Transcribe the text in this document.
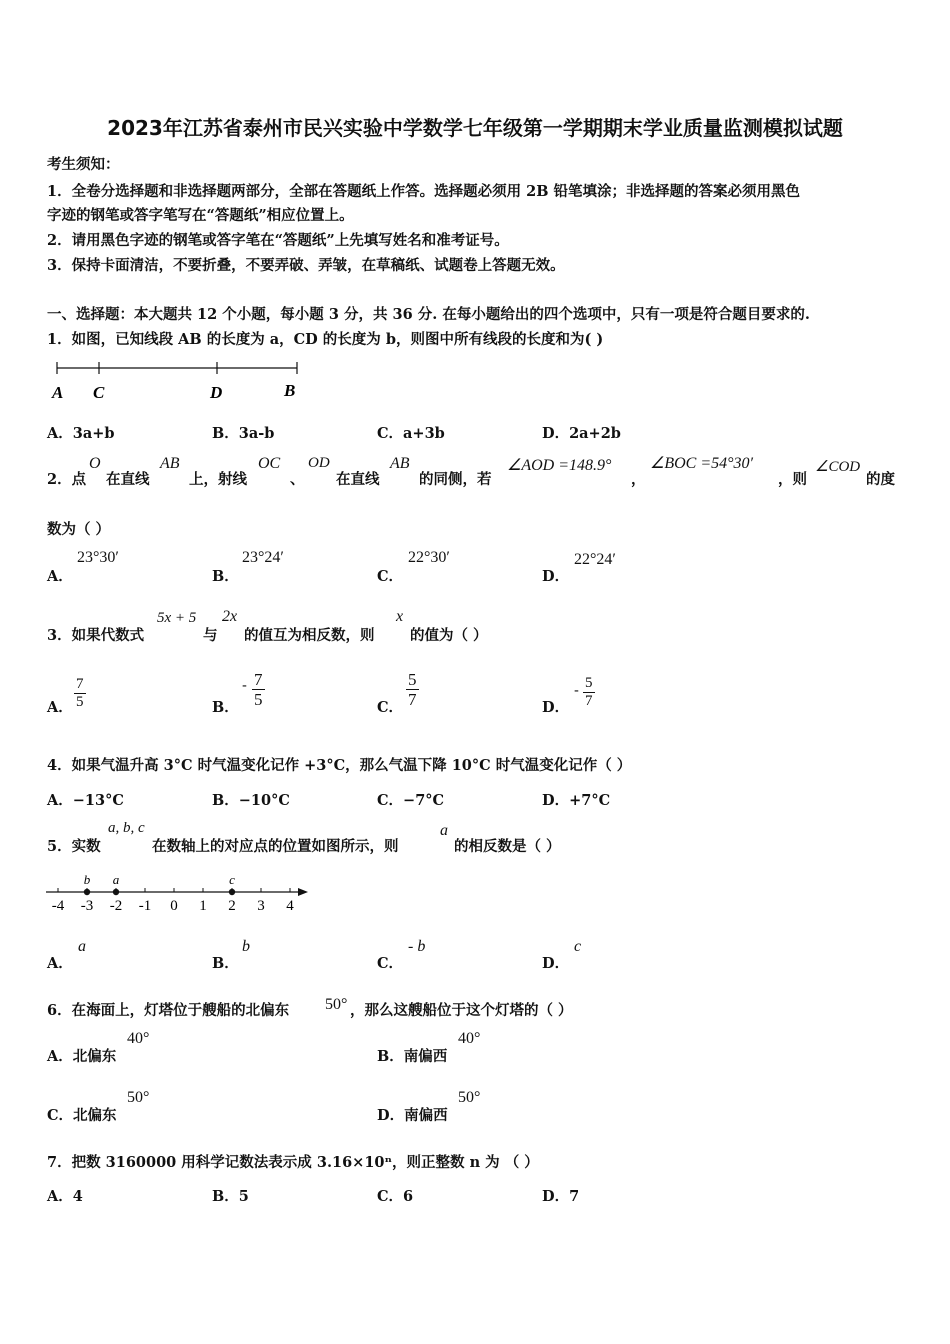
2023年江苏省泰州市民兴实验中学数学七年级第一学期期末学业质量监测模拟试题
考生须知：
1．全卷分选择题和非选择题两部分，全部在答题纸上作答。选择题必须用 2B 铅笔填涂；非选择题的答案必须用黑色
字迹的钢笔或答字笔写在“答题纸”相应位置上。
2．请用黑色字迹的钢笔或答字笔在“答题纸”上先填写姓名和准考证号。
3．保持卡面清洁，不要折叠，不要弄破、弄皱，在草稿纸、试题卷上答题无效。
一、选择题：本大题共 12 个小题，每小题 3 分，共 36 分. 在每小题给出的四个选项中，只有一项是符合题目要求的.
1．如图，已知线段 AB 的长度为 a，CD 的长度为 b，则图中所有线段的长度和为( )
A C	D	B
A．3a+b	B．3a-b	C．a+3b	D．2a+2b
2．点
O
在直线
AB
上，射线
OC
、
OD
在直线
AB
的同侧，若
∠AOD =148.9°
，
∠BOC =54°30′
，则
∠COD
的度
数为（ ）
A．
23°30′
B．
23°24′
C．
22°30′
D．
22°24′
3．如果代数式
5x + 5
与
2x
的值互为相反数，则
x
的值为（ ）
A． $\frac{7}{5}$	B．
- $\frac{7}{5}$	C． $\frac{5}{7}$	D．
- $\frac{5}{7}$
4．如果气温升高 3°C 时气温变化记作 +3°C，那么气温下降 10°C 时气温变化记作（ ）
A．−13°C	B．−10°C	C．−7°C	D．+7°C
5．实数
a, b, c
在数轴上的对应点的位置如图所示，则
a
的相反数是（ ）
-4 -3 -2 -1 0 1 2 3 4
b a	c
A．
a
B．
b
C．
- b
D．
c
6．在海面上，灯塔位于艘船的北偏东 50° ，那么这艘船位于这个灯塔的（ ）
A．北偏东
40°
B．南偏西
40°
C．北偏东
50°
D．南偏西
50°
7．把数 3160000 用科学记数法表示成 3.16×10ⁿ，则正整数 n 为 （ ）
A．4	B．5	C．6	D．7
